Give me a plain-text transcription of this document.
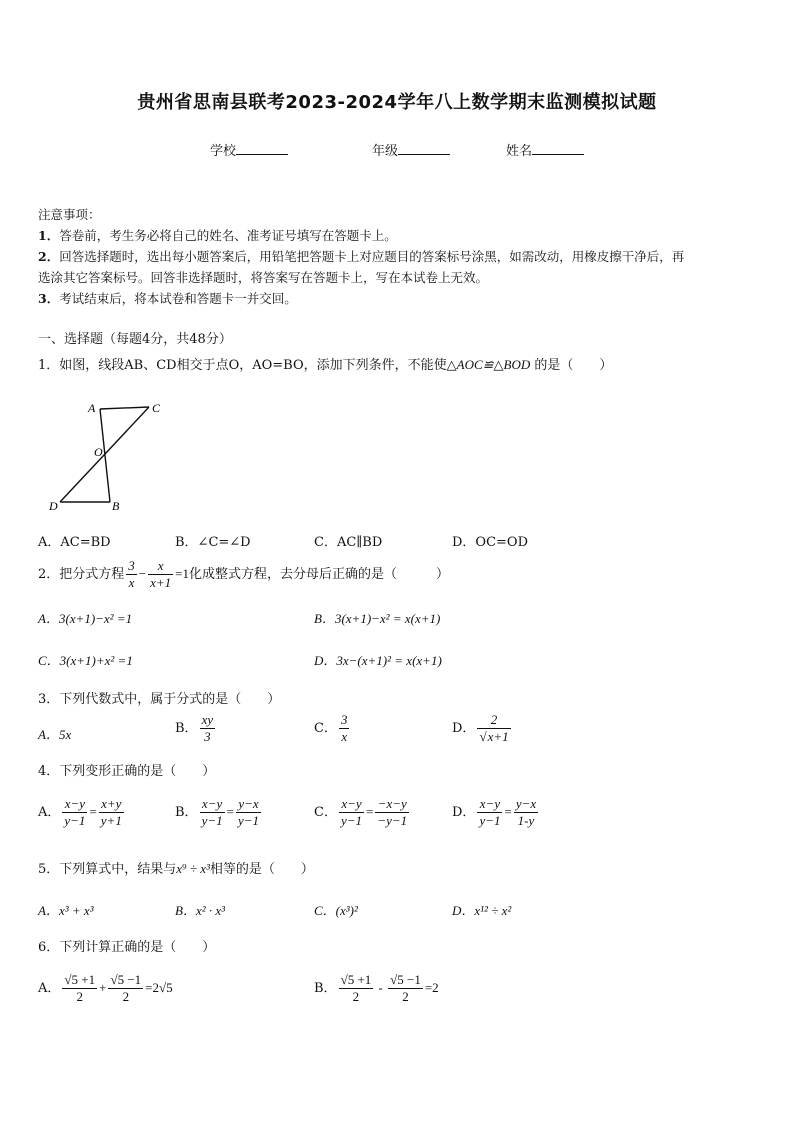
贵州省思南县联考2023-2024学年八上数学期末监测模拟试题
学校	年级	姓名
注意事项：
1．答卷前，考生务必将自己的姓名、准考证号填写在答题卡上。
2．回答选择题时，选出每小题答案后，用铅笔把答题卡上对应题目的答案标号涂黑，如需改动，用橡皮擦干净后，再
选涂其它答案标号。回答非选择题时，将答案写在答题卡上，写在本试卷上无效。
3．考试结束后，将本试卷和答题卡一并交回。
一、选择题（每题4分，共48分）
1．如图，线段AB、CD相交于点O，AO=BO，添加下列条件，不能使△AOC≌△BOD 的是（　　）
A	C
O
D	B
A．AC=BD	B．∠C=∠D	C．AC∥BD	D．OC=OD
2．把分式方程 $\frac{3}{x} - \frac{x}{x+1} =1$化成整式方程，去分母后正确的是（　　　）
A．3(x+1)−x² =1	B．3(x+1)−x² = x(x+1)
C．3(x+1)+x² =1	D．3x−(x+1)² = x(x+1)
3．下列代数式中，属于分式的是（　　）
A．5x	B． $\frac{xy}{3}$	C． $\frac{3}{x}$	D． $\frac{2}{√x+1}$
4．下列变形正确的是（　　）
A． $\frac{x-y}{y-1} = \frac{x+y}{y+1}$	B． $\frac{x-y}{y-1} = \frac{y-x}{y-1}$	C． $\frac{x-y}{y-1} = \frac{-x-y}{-y-1}$	D． $\frac{x-y}{y-1} = \frac{y-x}{1-y}$
5．下列算式中，结果与x⁹ ÷ x³相等的是（　　）
A．x³ + x³	B．x² · x³	C．(x³)²	D．x¹² ÷ x²
6．下列计算正确的是（　　）
A． $\frac{√5 +1}{2} + \frac{√5 -1}{2} =2√5$	B． $\frac{√5 +1}{2} - \frac{√5 -1}{2} =2$
